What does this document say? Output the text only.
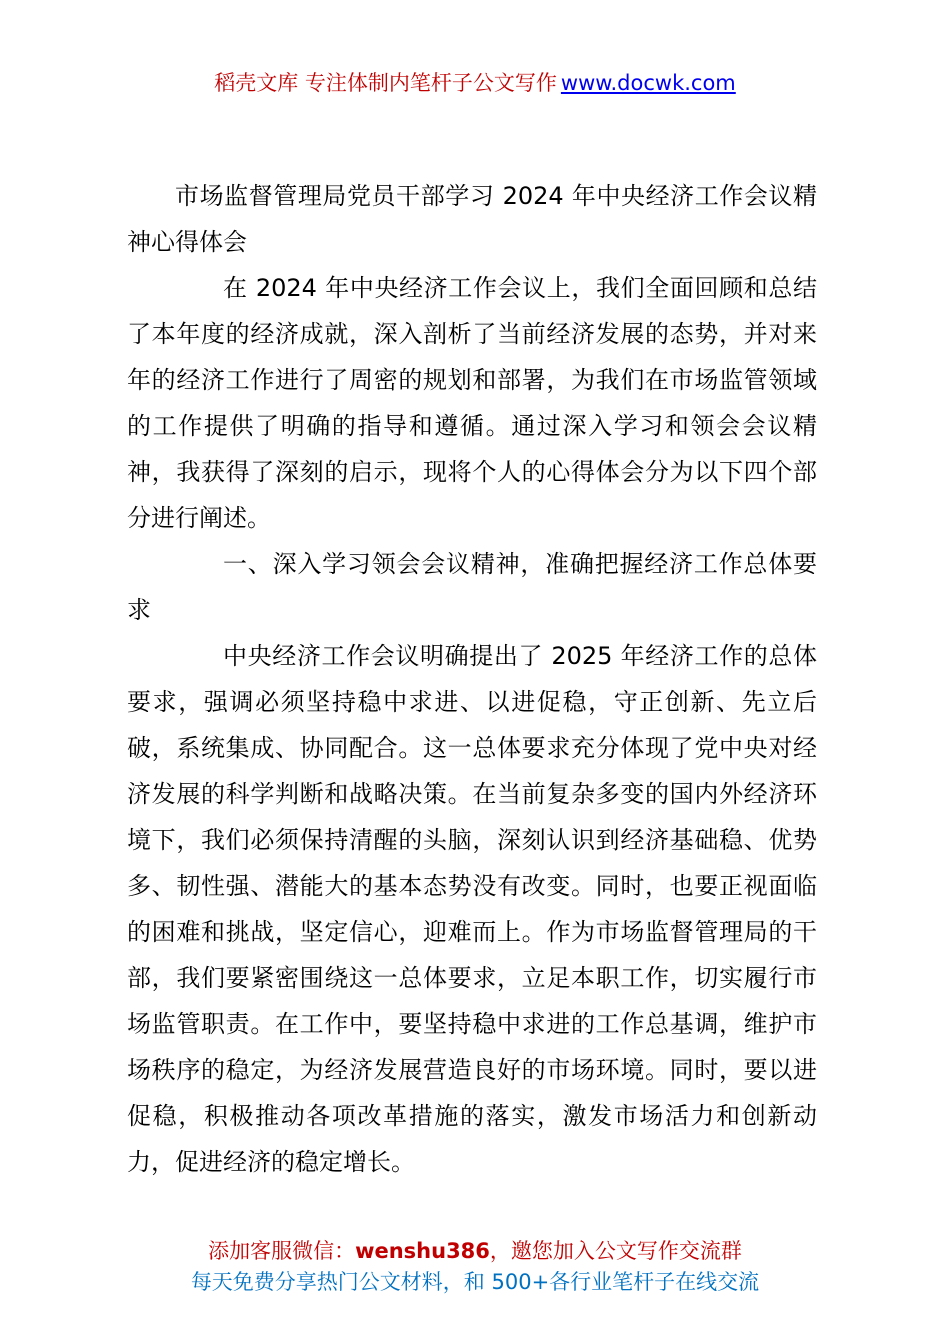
稻壳文库 专注体制内笔杆子公文写作 www.docwk.com

市场监督管理局党员干部学习 2024 年中央经济工作会议精神心得体会

在 2024 年中央经济工作会议上，我们全面回顾和总结了本年度的经济成就，深入剖析了当前经济发展的态势，并对来年的经济工作进行了周密的规划和部署，为我们在市场监管领域的工作提供了明确的指导和遵循。通过深入学习和领会会议精神，我获得了深刻的启示，现将个人的心得体会分为以下四个部分进行阐述。

一、深入学习领会会议精神，准确把握经济工作总体要求

中央经济工作会议明确提出了 2025 年经济工作的总体要求，强调必须坚持稳中求进、以进促稳，守正创新、先立后破，系统集成、协同配合。这一总体要求充分体现了党中央对经济发展的科学判断和战略决策。在当前复杂多变的国内外经济环境下，我们必须保持清醒的头脑，深刻认识到经济基础稳、优势多、韧性强、潜能大的基本态势没有改变。同时，也要正视面临的困难和挑战，坚定信心，迎难而上。作为市场监督管理局的干部，我们要紧密围绕这一总体要求，立足本职工作，切实履行市场监管职责。在工作中，要坚持稳中求进的工作总基调，维护市场秩序的稳定，为经济发展营造良好的市场环境。同时，要以进促稳，积极推动各项改革措施的落实，激发市场活力和创新动力，促进经济的稳定增长。

添加客服微信：wenshu386，邀您加入公文写作交流群
每天免费分享热门公文材料，和 500+各行业笔杆子在线交流
